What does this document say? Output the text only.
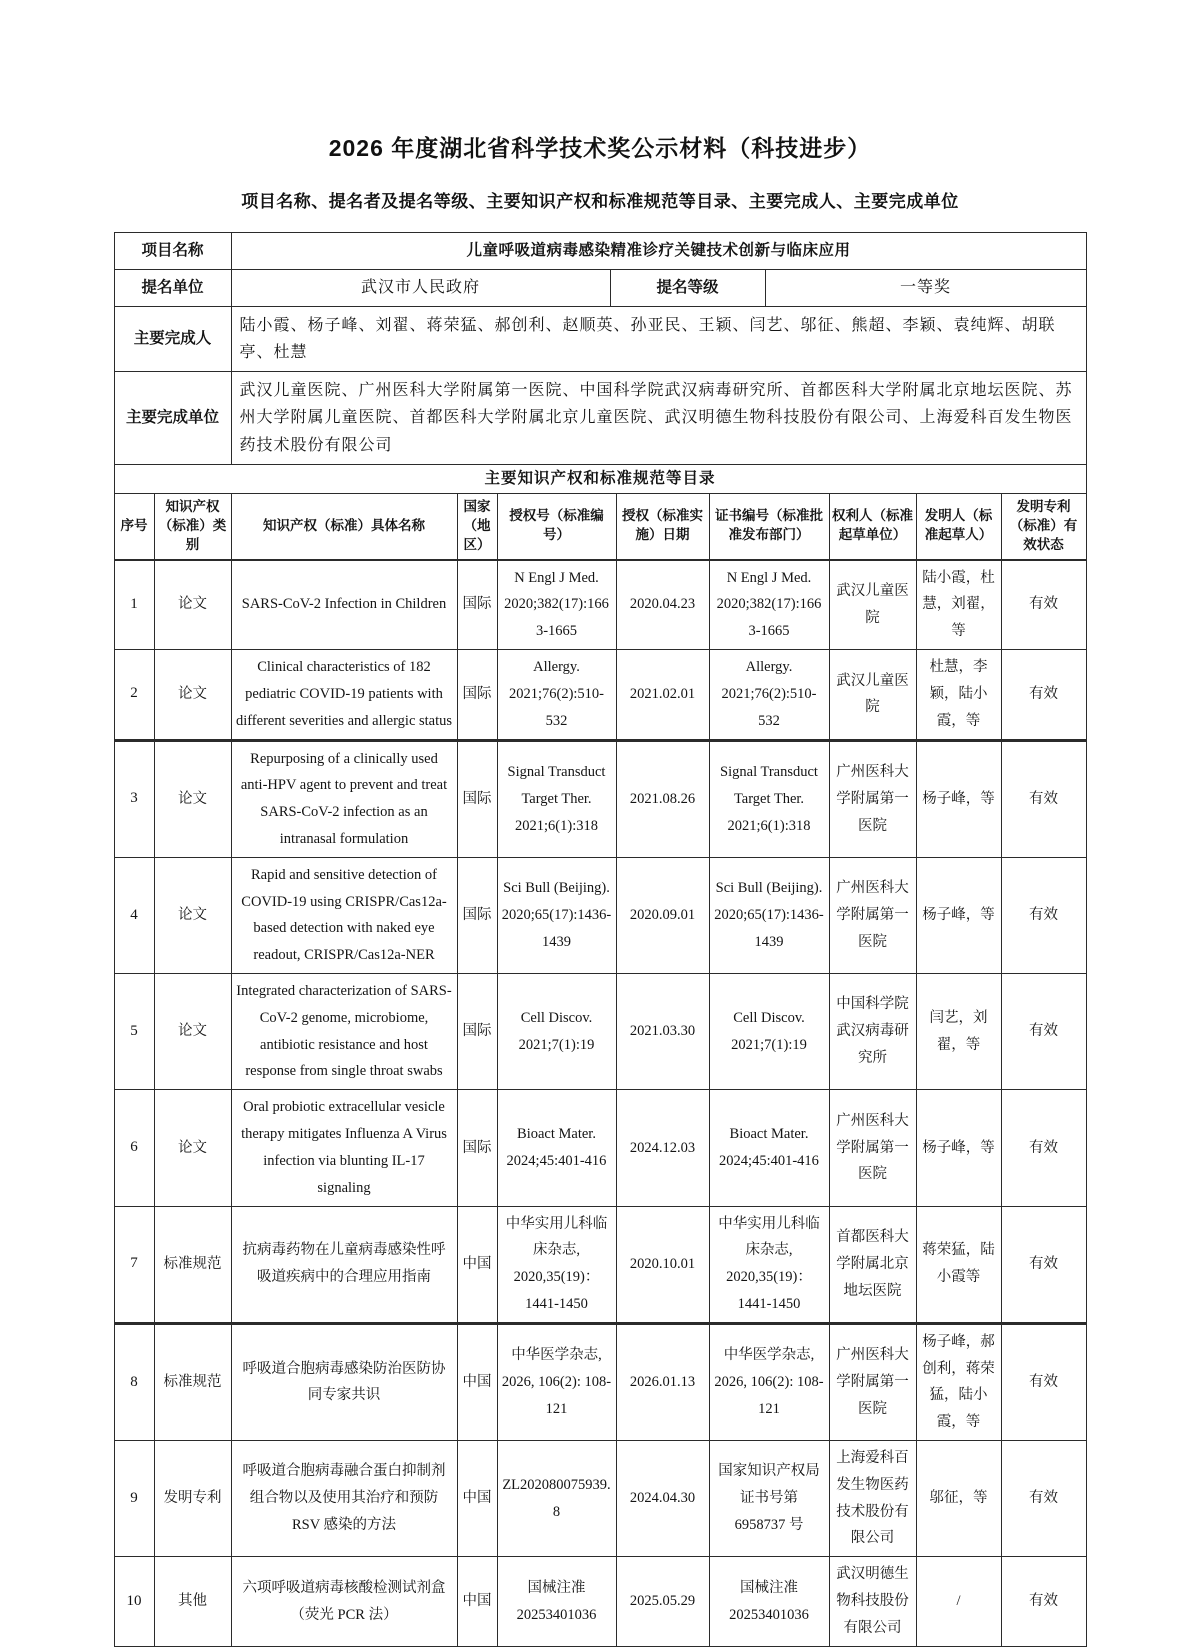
2026 年度湖北省科学技术奖公示材料（科技进步）
项目名称、提名者及提名等级、主要知识产权和标准规范等目录、主要完成人、主要完成单位
项目名称	儿童呼吸道病毒感染精准诊疗关键技术创新与临床应用		
提名单位	武汉市人民政府	提名等级	一等奖
主要完成人	陆小霞、杨子峰、刘翟、蒋荣猛、郝创利、赵顺英、孙亚民、王颖、闫艺、邬征、熊超、李颖、袁纯辉、胡联亭、杜慧		
主要完成单位	武汉儿童医院、广州医科大学附属第一医院、中国科学院武汉病毒研究所、首都医科大学附属北京地坛医院、苏州大学附属儿童医院、首都医科大学附属北京儿童医院、武汉明德生物科技股份有限公司、上海爱科百发生物医药技术股份有限公司		
主要知识产权和标准规范等目录			
序号	知识产权（标准）类别	知识产权（标准）具体名称	国家（地区）	授权号（标准编号）	授权（标准实施）日期	证书编号（标准批准发布部门）	权利人（标准起草单位）	发明人（标准起草人）	发明专利（标准）有效状态
1	论文	SARS-CoV-2 Infection in Children	国际	N Engl J Med. 2020;382(17):1663-1665	2020.04.23	N Engl J Med. 2020;382(17):1663-1665	武汉儿童医院	陆小霞，杜慧，刘翟，等	有效
2	论文	Clinical characteristics of 182 pediatric COVID-19 patients with different severities and allergic status	国际	Allergy. 2021;76(2):510-532	2021.02.01	Allergy. 2021;76(2):510-532	武汉儿童医院	杜慧，李颖，陆小霞，等	有效
3	论文	Repurposing of a clinically used anti-HPV agent to prevent and treat SARS-CoV-2 infection as an intranasal formulation	国际	Signal Transduct Target Ther. 2021;6(1):318	2021.08.26	Signal Transduct Target Ther. 2021;6(1):318	广州医科大学附属第一医院	杨子峰，等	有效
4	论文	Rapid and sensitive detection of COVID-19 using CRISPR/Cas12a-based detection with naked eye readout, CRISPR/Cas12a-NER	国际	Sci Bull (Beijing). 2020;65(17):1436-1439	2020.09.01	Sci Bull (Beijing). 2020;65(17):1436-1439	广州医科大学附属第一医院	杨子峰，等	有效
5	论文	Integrated characterization of SARS-CoV-2 genome, microbiome, antibiotic resistance and host response from single throat swabs	国际	Cell Discov. 2021;7(1):19	2021.03.30	Cell Discov. 2021;7(1):19	中国科学院武汉病毒研究所	闫艺，刘翟，等	有效
6	论文	Oral probiotic extracellular vesicle therapy mitigates Influenza A Virus infection via blunting IL-17 signaling	国际	Bioact Mater. 2024;45:401-416	2024.12.03	Bioact Mater. 2024;45:401-416	广州医科大学附属第一医院	杨子峰，等	有效
7	标准规范	抗病毒药物在儿童病毒感染性呼吸道疾病中的合理应用指南	中国	中华实用儿科临床杂志, 2020,35(19)：1441-1450	2020.10.01	中华实用儿科临床杂志, 2020,35(19)：1441-1450	首都医科大学附属北京地坛医院	蒋荣猛，陆小霞等	有效
8	标准规范	呼吸道合胞病毒感染防治医防协同专家共识	中国	中华医学杂志, 2026, 106(2): 108-121	2026.01.13	中华医学杂志, 2026, 106(2): 108-121	广州医科大学附属第一医院	杨子峰，郝创利，蒋荣猛，陆小霞，等	有效
9	发明专利	呼吸道合胞病毒融合蛋白抑制剂组合物以及使用其治疗和预防 RSV 感染的方法	中国	ZL202080075939.8	2024.04.30	国家知识产权局证书号第 6958737 号	上海爱科百发生物医药技术股份有限公司	邬征，等	有效
10	其他	六项呼吸道病毒核酸检测试剂盒（荧光 PCR 法）	中国	国械注准 20253401036	2025.05.29	国械注准 20253401036	武汉明德生物科技股份有限公司	/	有效
